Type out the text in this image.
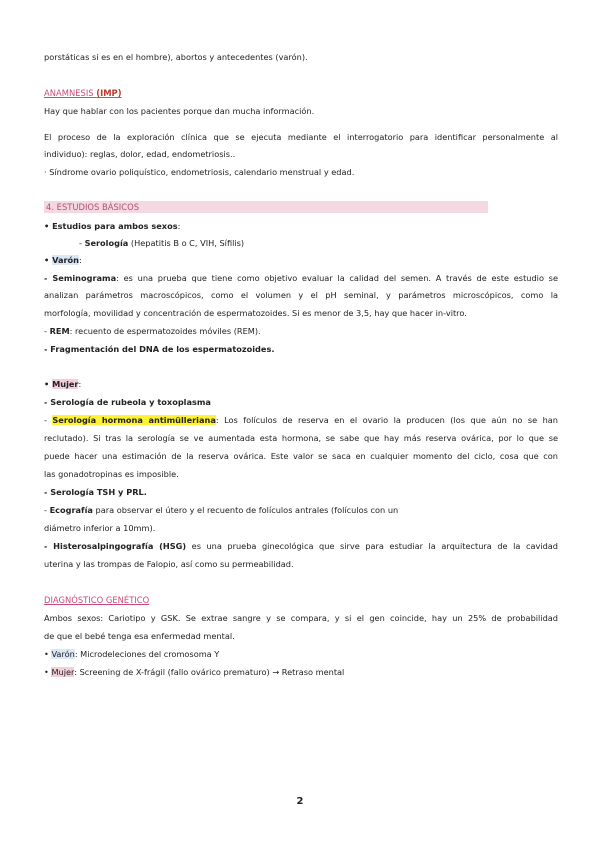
porstáticas si es en el hombre), abortos y antecedentes (varón).
ANAMNESIS (IMP)
Hay que hablar con los pacientes porque dan mucha información.
El proceso de la exploración clínica que se ejecuta mediante el interrogatorio para identificar personalmente al
individuo): reglas, dolor, edad, endometriosis..
· Síndrome ovario poliquístico, endometriosis, calendario menstrual y edad.
4. ESTUDIOS BÁSICOS
• Estudios para ambos sexos:
- Serología (Hepatitis B o C, VIH, Sífilis)
• Varón:
- Seminograma: es una prueba que tiene como objetivo evaluar la calidad del semen. A través de este estudio se
analizan parámetros macroscópicos, como el volumen y el pH seminal, y parámetros microscópicos, como la
morfología, movilidad y concentración de espermatozoides. Si es menor de 3,5, hay que hacer in-vitro.
- REM: recuento de espermatozoides móviles (REM).
- Fragmentación del DNA de los espermatozoides.
• Mujer:
- Serología de rubeola y toxoplasma
- Serología hormona antimülleriana: Los folículos de reserva en el ovario la producen (los que aún no se han
reclutado). Si tras la serología se ve aumentada esta hormona, se sabe que hay más reserva ovárica, por lo que se
puede hacer una estimación de la reserva ovárica. Este valor se saca en cualquier momento del ciclo, cosa que con
las gonadotropinas es imposible.
- Serología TSH y PRL.
- Ecografía para observar el útero y el recuento de folículos antrales (folículos con un
diámetro inferior a 10mm).
- Histerosalpingografía (HSG) es una prueba ginecológica que sirve para estudiar la arquitectura de la cavidad
uterina y las trompas de Falopio, así como su permeabilidad.
DIAGNÓSTICO GENÉTICO
Ambos sexos: Cariotipo y GSK. Se extrae sangre y se compara, y si el gen coincide, hay un 25% de probabilidad
de que el bebé tenga esa enfermedad mental.
• Varón: Microdeleciones del cromosoma Y
• Mujer: Screening de X-frágil (fallo ovárico prematuro) → Retraso mental
2
